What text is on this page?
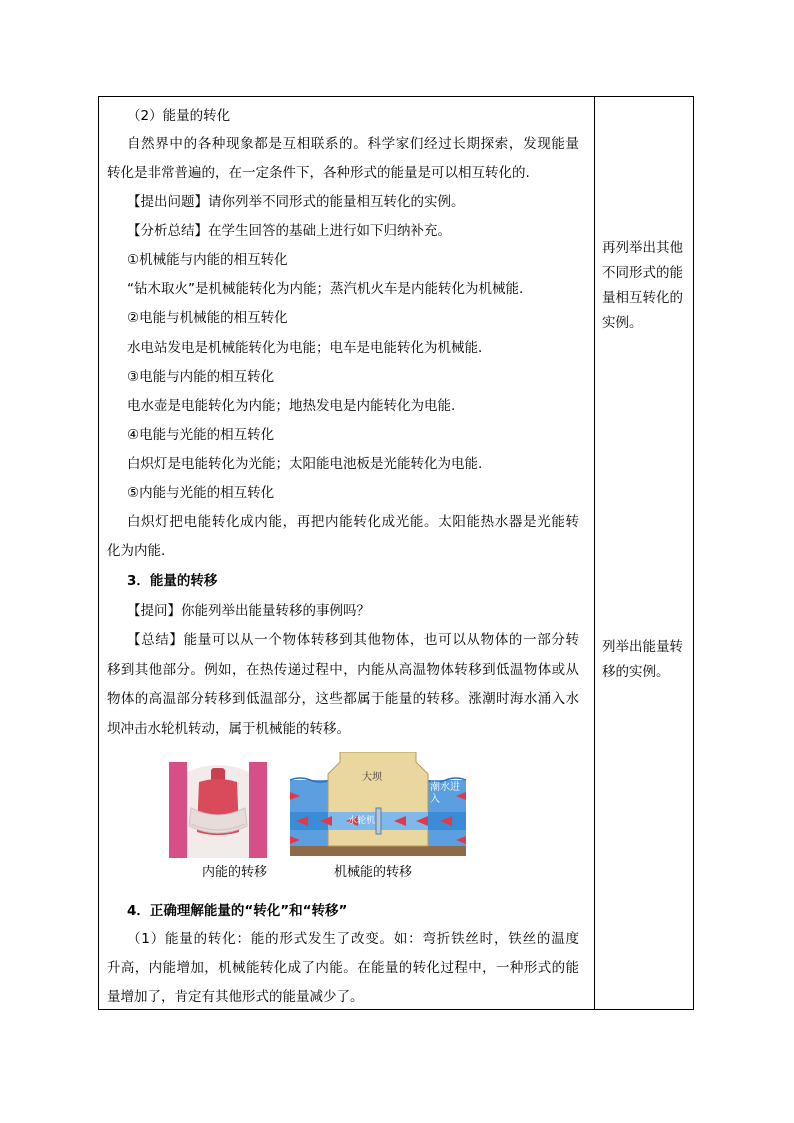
（2）能量的转化
自然界中的各种现象都是互相联系的。科学家们经过长期探索，发现能量
转化是非常普遍的，在一定条件下，各种形式的能量是可以相互转化的.
【提出问题】请你列举不同形式的能量相互转化的实例。
【分析总结】在学生回答的基础上进行如下归纳补充。
①机械能与内能的相互转化
“钻木取火”是机械能转化为内能；蒸汽机火车是内能转化为机械能.
②电能与机械能的相互转化
水电站发电是机械能转化为电能；电车是电能转化为机械能.
③电能与内能的相互转化
电水壶是电能转化为内能；地热发电是内能转化为电能.
④电能与光能的相互转化
白炽灯是电能转化为光能；太阳能电池板是光能转化为电能.
⑤内能与光能的相互转化
白炽灯把电能转化成内能，再把内能转化成光能。太阳能热水器是光能转
化为内能.
3．能量的转移
【提问】你能列举出能量转移的事例吗？
【总结】能量可以从一个物体转移到其他物体，也可以从物体的一部分转
移到其他部分。例如，在热传递过程中，内能从高温物体转移到低温物体或从
物体的高温部分转移到低温部分，这些都属于能量的转移。涨潮时海水涌入水
坝冲击水轮机转动，属于机械能的转移。
内能的转移
大坝
潮水进入
水轮机
机械能的转移
4．正确理解能量的“转化”和“转移”
（1）能量的转化：能的形式发生了改变。如：弯折铁丝时，铁丝的温度
升高，内能增加，机械能转化成了内能。在能量的转化过程中，一种形式的能
量增加了，肯定有其他形式的能量减少了。
再列举出其他
不同形式的能
量相互转化的
实例。
列举出能量转
移的实例。
